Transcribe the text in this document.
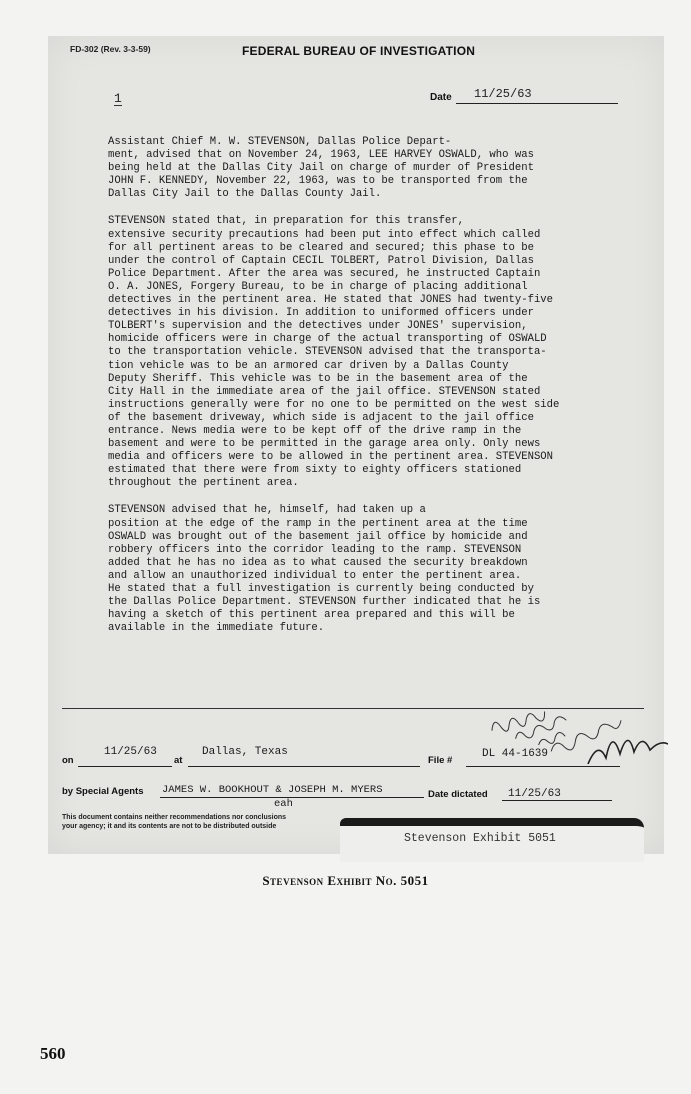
FD-302 (Rev. 3-3-59)	FEDERAL BUREAU OF INVESTIGATION
1	Date 11/25/63

Assistant Chief M. W. STEVENSON, Dallas Police Depart-
ment, advised that on November 24, 1963, LEE HARVEY OSWALD, who was
being held at the Dallas City Jail on charge of murder of President
JOHN F. KENNEDY, November 22, 1963, was to be transported from the
Dallas City Jail to the Dallas County Jail.

STEVENSON stated that, in preparation for this transfer,
extensive security precautions had been put into effect which called
for all pertinent areas to be cleared and secured; this phase to be
under the control of Captain CECIL TOLBERT, Patrol Division, Dallas
Police Department. After the area was secured, he instructed Captain
O. A. JONES, Forgery Bureau, to be in charge of placing additional
detectives in the pertinent area. He stated that JONES had twenty-five
detectives in his division. In addition to uniformed officers under
TOLBERT's supervision and the detectives under JONES' supervision,
homicide officers were in charge of the actual transporting of OSWALD
to the transportation vehicle. STEVENSON advised that the transporta-
tion vehicle was to be an armored car driven by a Dallas County
Deputy Sheriff. This vehicle was to be in the basement area of the
City Hall in the immediate area of the jail office. STEVENSON stated
instructions generally were for no one to be permitted on the west side
of the basement driveway, which side is adjacent to the jail office
entrance. News media were to be kept off of the drive ramp in the
basement and were to be permitted in the garage area only. Only news
media and officers were to be allowed in the pertinent area. STEVENSON
estimated that there were from sixty to eighty officers stationed
throughout the pertinent area.

STEVENSON advised that he, himself, had taken up a
position at the edge of the ramp in the pertinent area at the time
OSWALD was brought out of the basement jail office by homicide and
robbery officers into the corridor leading to the ramp. STEVENSON
added that he has no idea as to what caused the security breakdown
and allow an unauthorized individual to enter the pertinent area.
He stated that a full investigation is currently being conducted by
the Dallas Police Department. STEVENSON further indicated that he is
having a sketch of this pertinent area prepared and this will be
available in the immediate future.

on
11/25/63
at
Dallas, Texas
File #
DL 44-1639
by Special Agents JAMES W. BOOKHOUT & JOSEPH M. MYERS
eah
Date dictated 11/25/63
This document contains neither recommendations nor conclusions
your agency; it and its contents are not to be distributed outside
Stevenson Exhibit 5051
Stevenson Exhibit No. 5051
560
